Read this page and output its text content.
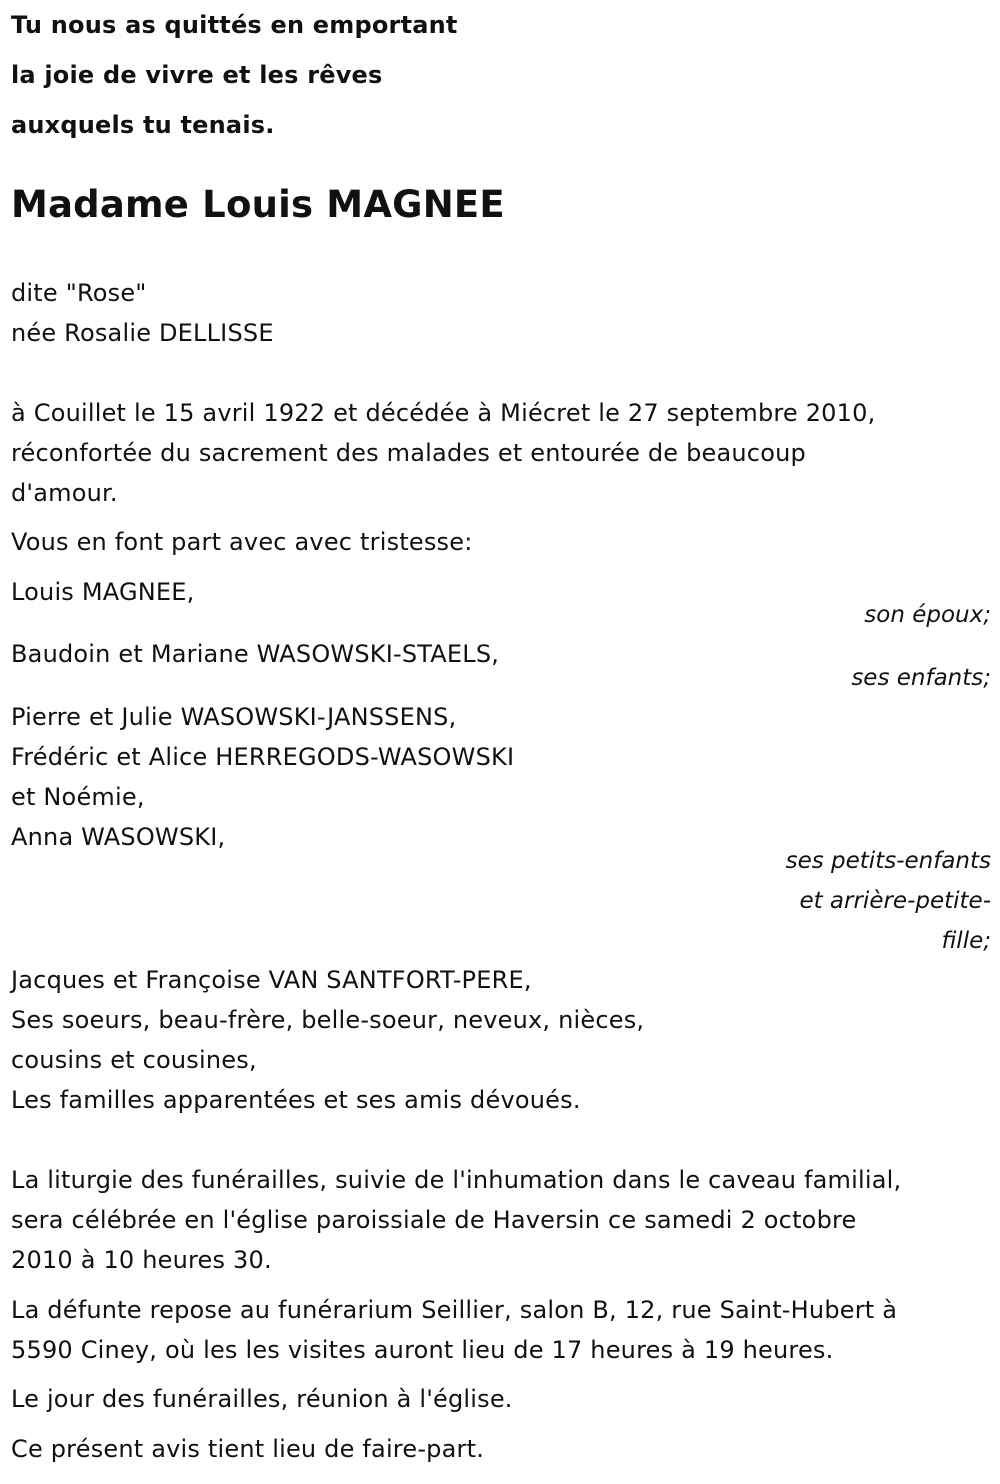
Tu nous as quittés en emportant
la joie de vivre et les rêves
auxquels tu tenais.
Madame Louis MAGNEE
dite "Rose"
née Rosalie DELLISSE
à Couillet le 15 avril 1922 et décédée à Miécret le 27 septembre 2010,
réconfortée du sacrement des malades et entourée de beaucoup
d'amour.
Vous en font part avec avec tristesse:
Louis MAGNEE,
son époux;
Baudoin et Mariane WASOWSKI-STAELS,
ses enfants;
Pierre et Julie WASOWSKI-JANSSENS,
Frédéric et Alice HERREGODS-WASOWSKI
et Noémie,
Anna WASOWSKI,
ses petits-enfants
et arrière-petite-
fille;
Jacques et Françoise VAN SANTFORT-PERE,
Ses soeurs, beau-frère, belle-soeur, neveux, nièces,
cousins et cousines,
Les familles apparentées et ses amis dévoués.
La liturgie des funérailles, suivie de l'inhumation dans le caveau familial,
sera célébrée en l'église paroissiale de Haversin ce samedi 2 octobre
2010 à 10 heures 30.
La défunte repose au funérarium Seillier, salon B, 12, rue Saint-Hubert à
5590 Ciney, où les les visites auront lieu de 17 heures à 19 heures.
Le jour des funérailles, réunion à l'église.
Ce présent avis tient lieu de faire-part.
